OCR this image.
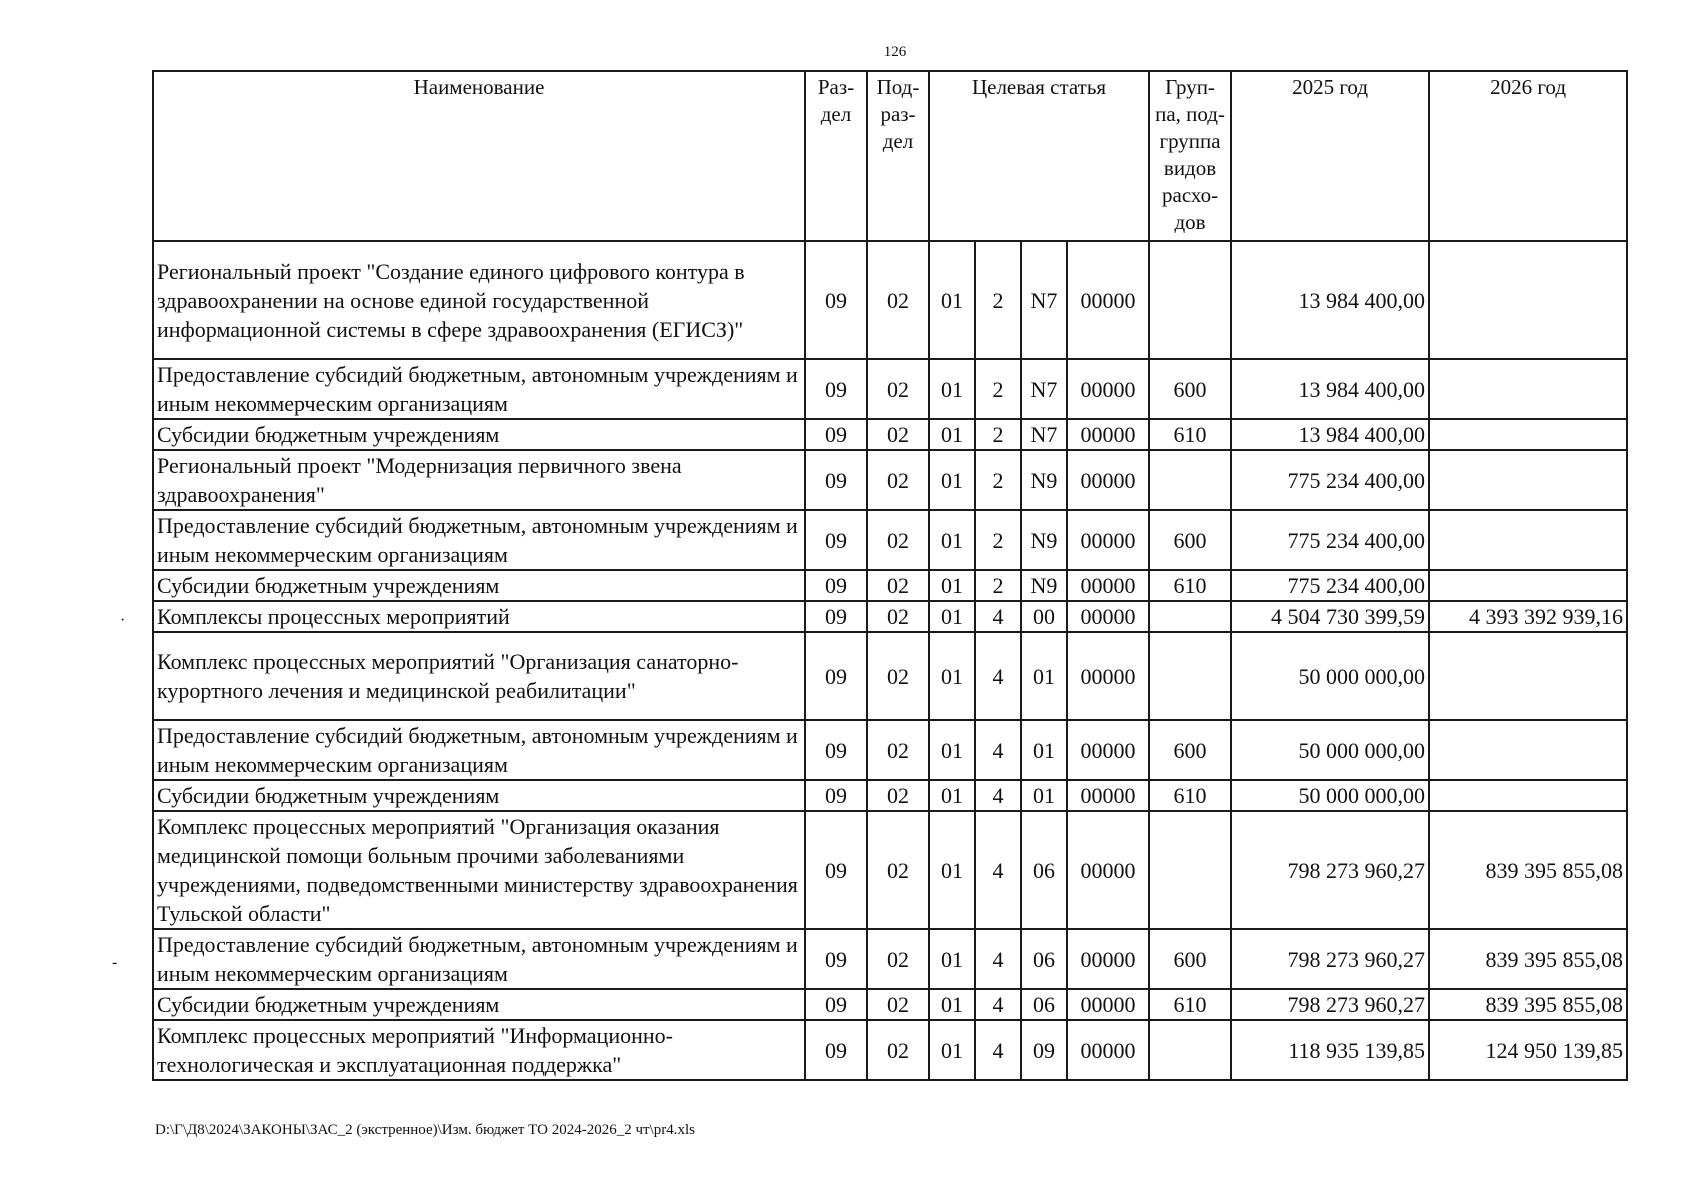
126
Наименование	Раз-дел	Под-раз-дел	Целевая статья				Груп-па, под-группа видов расхо-дов	2025 год	2026 год
Региональный проект "Создание единого цифрового контура в здравоохранении на основе единой государственной информационной системы в сфере здравоохранения (ЕГИСЗ)"	09	02	01	2	N7	00000		13 984 400,00	
Предоставление субсидий бюджетным, автономным учреждениям и иным некоммерческим организациям	09	02	01	2	N7	00000	600	13 984 400,00	
Субсидии бюджетным учреждениям	09	02	01	2	N7	00000	610	13 984 400,00	
Региональный проект "Модернизация первичного звена здравоохранения"	09	02	01	2	N9	00000		775 234 400,00	
Предоставление субсидий бюджетным, автономным учреждениям и иным некоммерческим организациям	09	02	01	2	N9	00000	600	775 234 400,00	
Субсидии бюджетным учреждениям	09	02	01	2	N9	00000	610	775 234 400,00	
Комплексы процессных мероприятий	09	02	01	4	00	00000		4 504 730 399,59	4 393 392 939,16
Комплекс процессных мероприятий "Организация санаторно-курортного лечения и медицинской реабилитации"	09	02	01	4	01	00000		50 000 000,00	
Предоставление субсидий бюджетным, автономным учреждениям и иным некоммерческим организациям	09	02	01	4	01	00000	600	50 000 000,00	
Субсидии бюджетным учреждениям	09	02	01	4	01	00000	610	50 000 000,00	
Комплекс процессных мероприятий "Организация оказания медицинской помощи больным прочими заболеваниями учреждениями, подведомственными министерству здравоохранения Тульской области"	09	02	01	4	06	00000		798 273 960,27	839 395 855,08
Предоставление субсидий бюджетным, автономным учреждениям и иным некоммерческим организациям	09	02	01	4	06	00000	600	798 273 960,27	839 395 855,08
Субсидии бюджетным учреждениям	09	02	01	4	06	00000	610	798 273 960,27	839 395 855,08
Комплекс процессных мероприятий "Информационно-технологическая и эксплуатационная поддержка"	09	02	01	4	09	00000		118 935 139,85	124 950 139,85
D:\Г\Д8\2024\ЗАКОНЫ\ЗАС_2 (экстренное)\Изм. бюджет ТО 2024-2026_2 чт\pr4.xls
·
-
